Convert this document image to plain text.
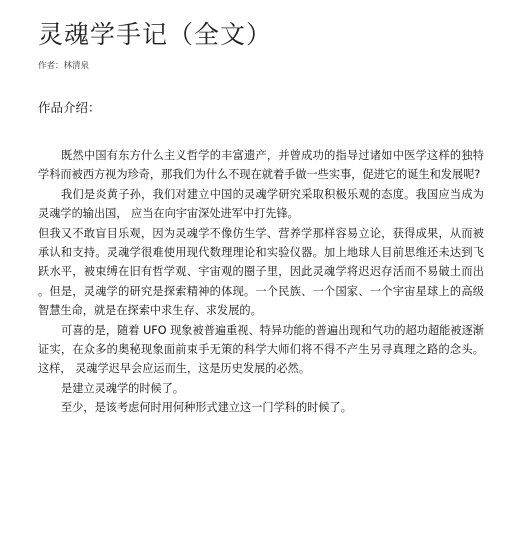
灵魂学手记（全文）
作者：林清泉
作品介绍：

既然中国有东方什么主义哲学的丰富遗产，并曾成功的指导过诸如中医学这样的独特学科而被西方视为珍奇，那我们为什么不现在就着手做一些实事，促进它的诞生和发展呢?

我们是炎黄子孙，我们对建立中国的灵魂学研究采取积极乐观的态度。我国应当成为灵魂学的输出国， 应当在向宇宙深处进军中打先锋。

但我又不敢盲目乐观，因为灵魂学不像仿生学、营养学那样容易立论，获得成果，从而被承认和支持。灵魂学很难使用现代数理理论和实验仪器。加上地球人目前思维还未达到飞跃水平，被束缚在旧有哲学观、宇宙观的圈子里，因此灵魂学将迟迟存活而不易破土而出。但是，灵魂学的研究是探索精神的体现。一个民族、一个国家、一个宇宙星球上的高级智慧生命，就是在探索中求生存、求发展的。

可喜的是，随着 UFO 现象被普遍重视、特异功能的普遍出现和气功的超功超能被逐渐证实，在众多的奥秘现象面前束手无策的科学大师们将不得不产生另寻真理之路的念头。这样， 灵魂学迟早会应运而生，这是历史发展的必然。

是建立灵魂学的时候了。

至少，是该考虑何时用何种形式建立这一门学科的时候了。
